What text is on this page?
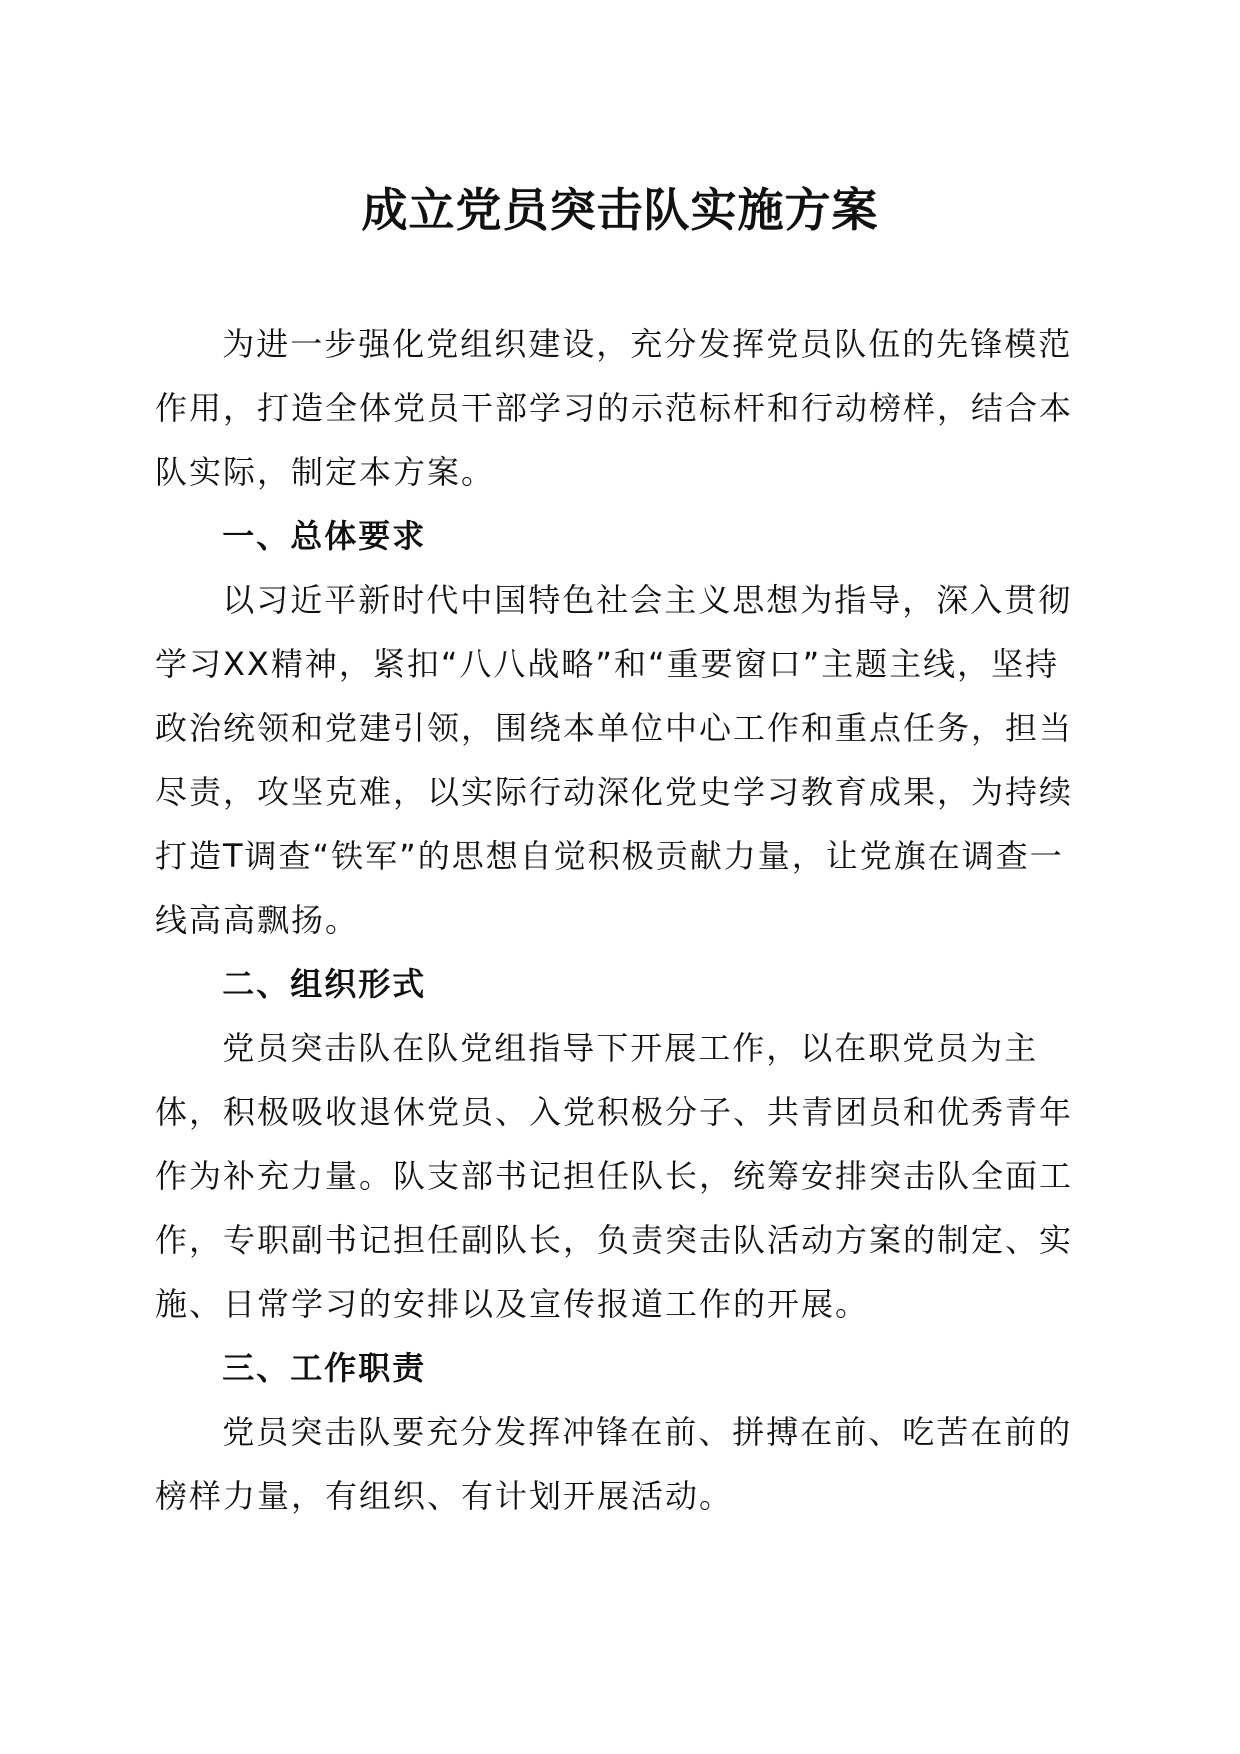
成立党员突击队实施方案

为进一步强化党组织建设，充分发挥党员队伍的先锋模范作用，打造全体党员干部学习的示范标杆和行动榜样，结合本队实际，制定本方案。

一、总体要求

以习近平新时代中国特色社会主义思想为指导，深入贯彻学习XX精神，紧扣“八八战略”和“重要窗口”主题主线，坚持政治统领和党建引领，围绕本单位中心工作和重点任务，担当尽责，攻坚克难，以实际行动深化党史学习教育成果，为持续打造T调查“铁军”的思想自觉积极贡献力量，让党旗在调查一线高高飘扬。

二、组织形式

党员突击队在队党组指导下开展工作，以在职党员为主体，积极吸收退休党员、入党积极分子、共青团员和优秀青年作为补充力量。队支部书记担任队长，统筹安排突击队全面工作，专职副书记担任副队长，负责突击队活动方案的制定、实施、日常学习的安排以及宣传报道工作的开展。

三、工作职责

党员突击队要充分发挥冲锋在前、拼搏在前、吃苦在前的榜样力量，有组织、有计划开展活动。
